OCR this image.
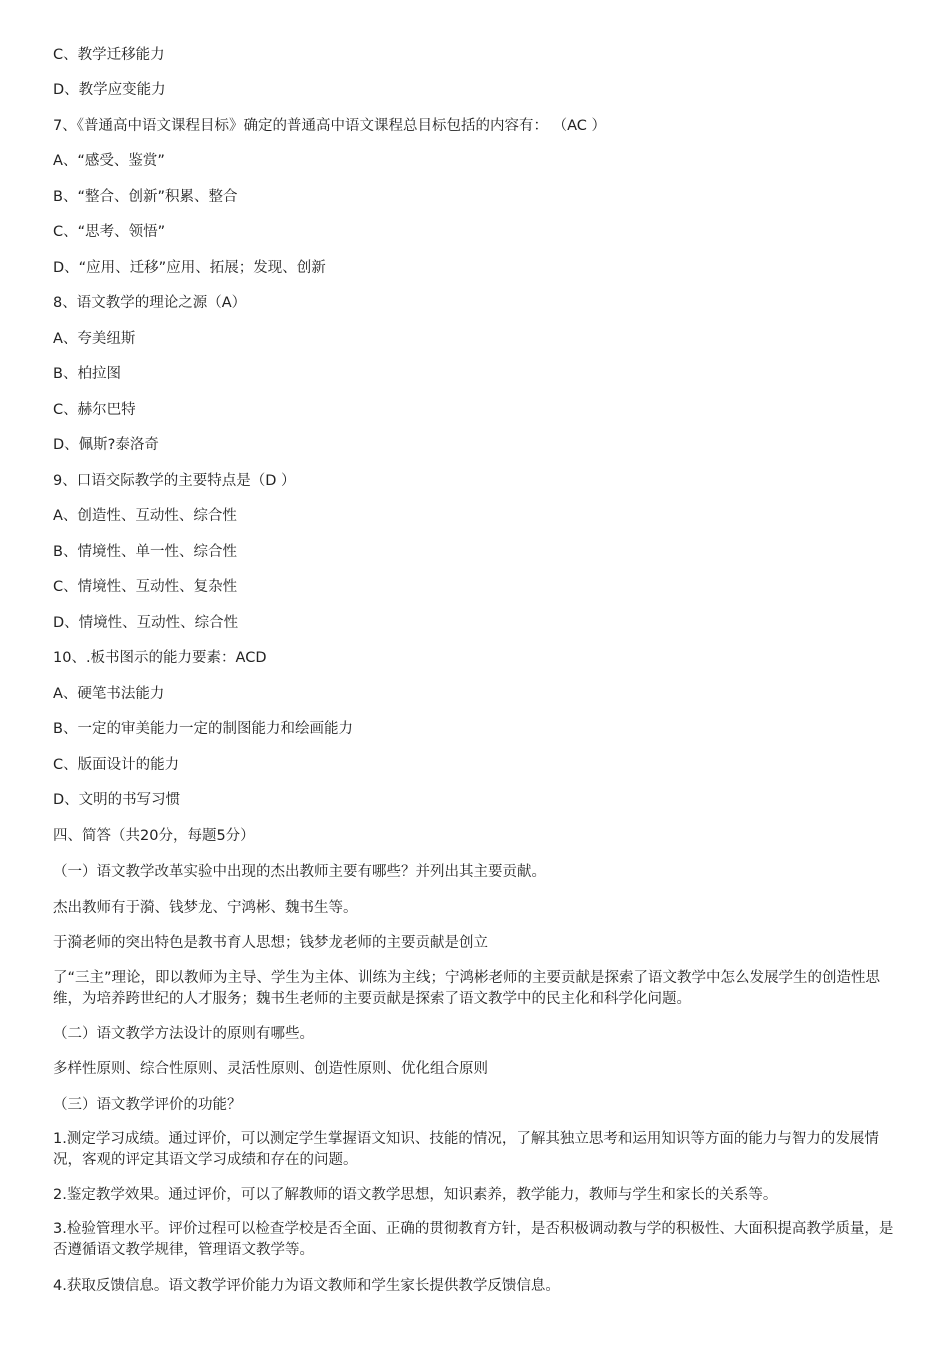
C、教学迁移能力
D、教学应变能力
7、《普通高中语文课程目标》确定的普通高中语文课程总目标包括的内容有： （AC ）
A、“感受、鉴赏”
B、“整合、创新”积累、整合
C、“思考、领悟”
D、“应用、迁移”应用、拓展；发现、创新
8、语文教学的理论之源（A）
A、夸美纽斯
B、柏拉图
C、赫尔巴特
D、佩斯?泰洛奇
9、口语交际教学的主要特点是（D ）
A、创造性、互动性、综合性
B、情境性、单一性、综合性
C、情境性、互动性、复杂性
D、情境性、互动性、综合性
10、.板书图示的能力要素：ACD
A、硬笔书法能力
B、一定的审美能力一定的制图能力和绘画能力
C、版面设计的能力
D、文明的书写习惯
四、简答（共20分，每题5分）
（一）语文教学改革实验中出现的杰出教师主要有哪些？并列出其主要贡献。
杰出教师有于漪、钱梦龙、宁鸿彬、魏书生等。
于漪老师的突出特色是教书育人思想；钱梦龙老师的主要贡献是创立
了“三主”理论，即以教师为主导、学生为主体、训练为主线；宁鸿彬老师的主要贡献是探索了语文教学中怎么发展学生的创造性思维，为培养跨世纪的人才服务；魏书生老师的主要贡献是探索了语文教学中的民主化和科学化问题。
（二）语文教学方法设计的原则有哪些。
多样性原则、综合性原则、灵活性原则、创造性原则、优化组合原则
（三）语文教学评价的功能？
1.测定学习成绩。通过评价，可以测定学生掌握语文知识、技能的情况，了解其独立思考和运用知识等方面的能力与智力的发展情况，客观的评定其语文学习成绩和存在的问题。
2.鉴定教学效果。通过评价，可以了解教师的语文教学思想，知识素养，教学能力，教师与学生和家长的关系等。
3.检验管理水平。评价过程可以检查学校是否全面、正确的贯彻教育方针，是否积极调动教与学的积极性、大面积提高教学质量，是否遵循语文教学规律，管理语文教学等。
4.获取反馈信息。语文教学评价能力为语文教师和学生家长提供教学反馈信息。
